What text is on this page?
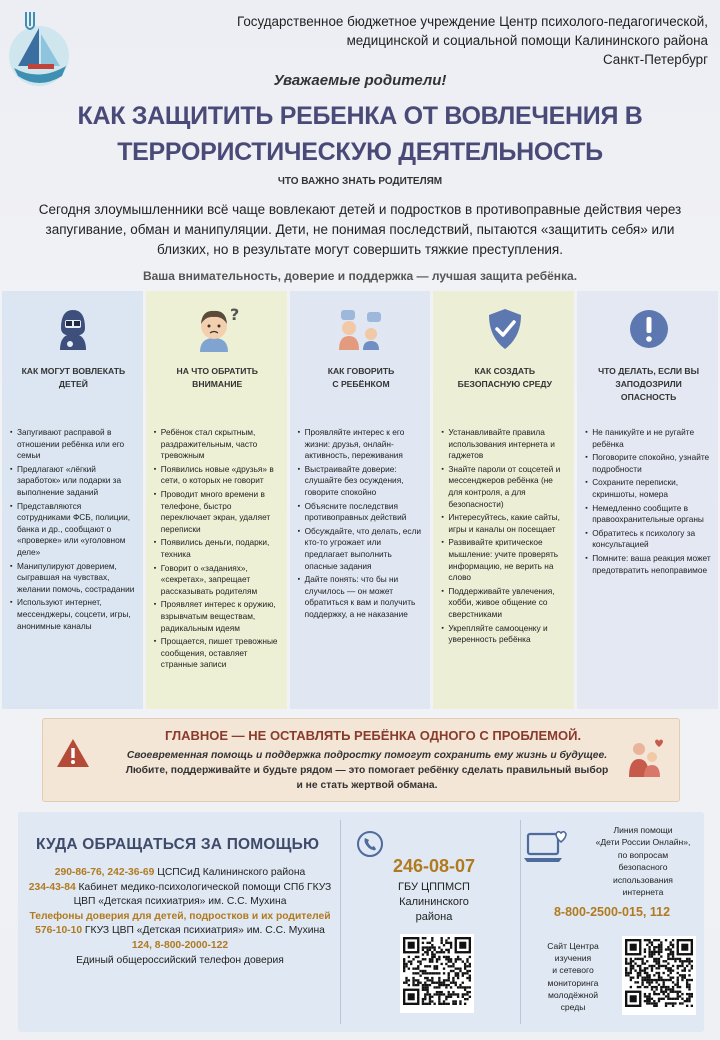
Государственное бюджетное учреждение Центр психолого-педагогической,
медицинской и социальной помощи Калининского района
Санкт-Петербург
Уважаемые родители!
КАК ЗАЩИТИТЬ РЕБЕНКА ОТ ВОВЛЕЧЕНИЯ В
ТЕРРОРИСТИЧЕСКУЮ ДЕЯТЕЛЬНОСТЬ
ЧТО ВАЖНО ЗНАТЬ РОДИТЕЛЯМ
Сегодня злоумышленники всё чаще вовлекают детей и подростков в противоправные действия через запугивание, обман и манипуляции. Дети, не понимая последствий, пытаются «защитить себя» или близких, но в результате могут совершить тяжкие преступления.
Ваша внимательность, доверие и поддержка — лучшая защита ребёнка.
КАК МОГУТ ВОВЛЕКАТЬ
ДЕТЕЙ
▪ Запугивают расправой в отношении ребёнка или его семьи
▪ Предлагают «лёгкий заработок» или подарки за выполнение заданий
▪ Представляются сотрудниками ФСБ, полиции, банка и др., сообщают о «проверке» или «уголовном деле»
▪ Манипулируют доверием, сыгравшая на чувствах, желании помочь, сострадании
▪ Используют интернет, мессенджеры, соцсети, игры, анонимные каналы
?
НА ЧТО ОБРАТИТЬ
ВНИМАНИЕ
▪ Ребёнок стал скрытным, раздражительным, часто тревожным
▪ Появились новые «друзья» в сети, о которых не говорит
▪ Проводит много времени в телефоне, быстро переключает экран, удаляет переписки
▪ Появились деньги, подарки, техника
▪ Говорит о «заданиях», «секретах», запрещает рассказывать родителям
▪ Проявляет интерес к оружию, взрывчатым веществам, радикальным идеям
▪ Прощается, пишет тревожные сообщения, оставляет странные записи
КАК ГОВОРИТЬ
С РЕБЁНКОМ
▪ Проявляйте интерес к его жизни: друзья, онлайн-активность, переживания
▪ Выстраивайте доверие: слушайте без осуждения, говорите спокойно
▪ Объясните последствия противоправных действий
▪ Обсуждайте, что делать, если кто-то угрожает или предлагает выполнить опасные задания
▪ Дайте понять: что бы ни случилось — он может обратиться к вам и получить поддержку, а не наказание
КАК СОЗДАТЬ
БЕЗОПАСНУЮ СРЕДУ
▪ Устанавливайте правила использования интернета и гаджетов
▪ Знайте пароли от соцсетей и мессенджеров ребёнка (не для контроля, а для безопасности)
▪ Интересуйтесь, какие сайты, игры и каналы он посещает
▪ Развивайте критическое мышление: учите проверять информацию, не верить на слово
▪ Поддерживайте увлечения, хобби, живое общение со сверстниками
▪ Укрепляйте самооценку и уверенность ребёнка
ЧТО ДЕЛАТЬ, ЕСЛИ ВЫ
ЗАПОДОЗРИЛИ
ОПАСНОСТЬ
▪ Не паникуйте и не ругайте ребёнка
▪ Поговорите спокойно, узнайте подробности
▪ Сохраните переписки, скриншоты, номера
▪ Немедленно сообщите в правоохранительные органы
▪ Обратитесь к психологу за консультацией
▪ Помните: ваша реакция может предотвратить непоправимое
ГЛАВНОЕ — НЕ ОСТАВЛЯТЬ РЕБЁНКА ОДНОГО С ПРОБЛЕМОЙ.
Своевременная помощь и поддержка подростку помогут сохранить ему жизнь и будущее.
Любите, поддерживайте и будьте рядом — это помогает ребёнку сделать правильный выбор
и не стать жертвой обмана.
КУДА ОБРАЩАТЬСЯ ЗА ПОМОЩЬЮ
290-86-76, 242-36-69 ЦСПСиД Калининского района
234-43-84 Кабинет медико-психологической помощи СПб ГКУЗ ЦВП «Детская психиатрия» им. С.С. Мухина
Телефоны доверия для детей, подростков и их родителей
576-10-10 ГКУЗ ЦВП «Детская психиатрия» им. С.С. Мухина
124, 8-800-2000-122
Единый общероссийский телефон доверия
246-08-07
ГБУ ЦППМСП
Калининского
района
Линия помощи
«Дети России Онлайн»,
по вопросам
безопасного
использования
интернета
8-800-2500-015, 112
Сайт Центра
изучения
и сетевого
мониторинга
молодёжной
среды
